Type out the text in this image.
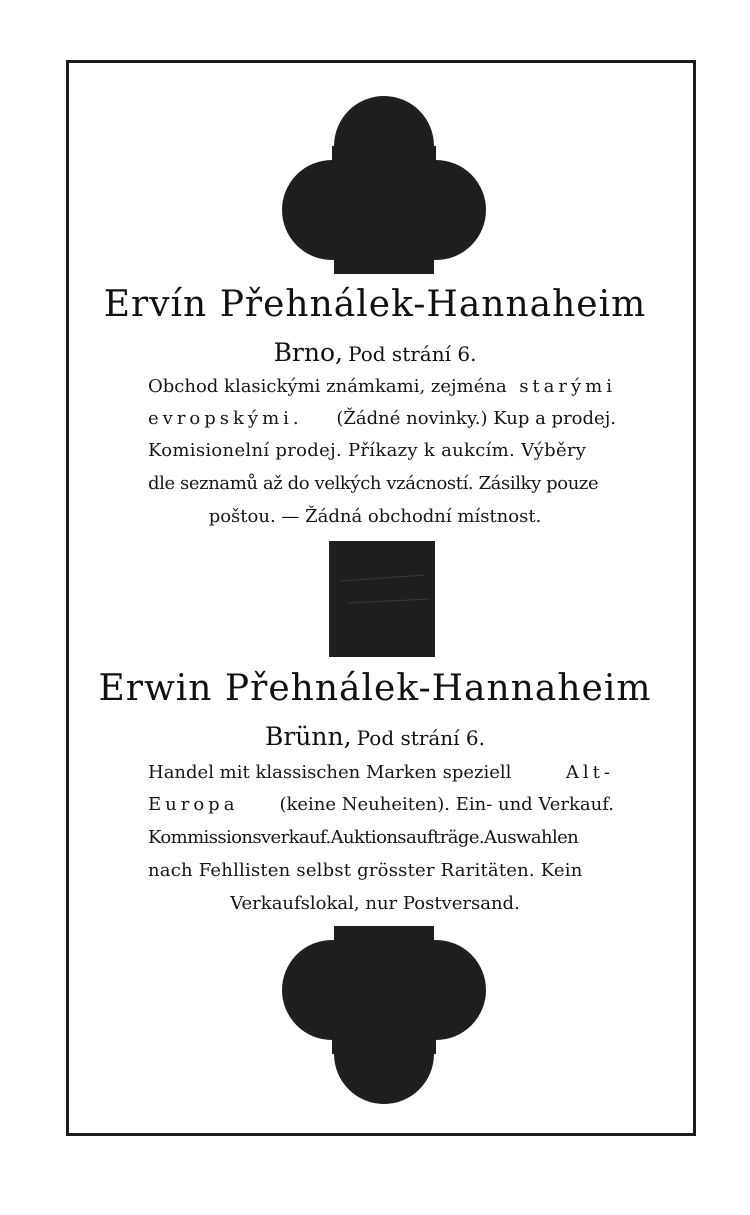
Ervín Přehnálek-Hannaheim
Brno, Pod strání 6.
Obchod klasickými známkami, zejména starými
evropskými. (Žádné novinky.) Kup a prodej.
Komisionelní prodej. Příkazy k aukcím. Výběry
dle seznamů až do velkých vzácností. Zásilky pouze
poštou. — Žádná obchodní místnost.
Erwin Přehnálek-Hannaheim
Brünn, Pod strání 6.
Handel mit klassischen Marken speziell	Alt-
Europa (keine Neuheiten). Ein- und Verkauf.
Kommissionsverkauf.Auktionsaufträge.Auswahlen
nach Fehllisten selbst grösster Raritäten. Kein
Verkaufslokal, nur Postversand.
